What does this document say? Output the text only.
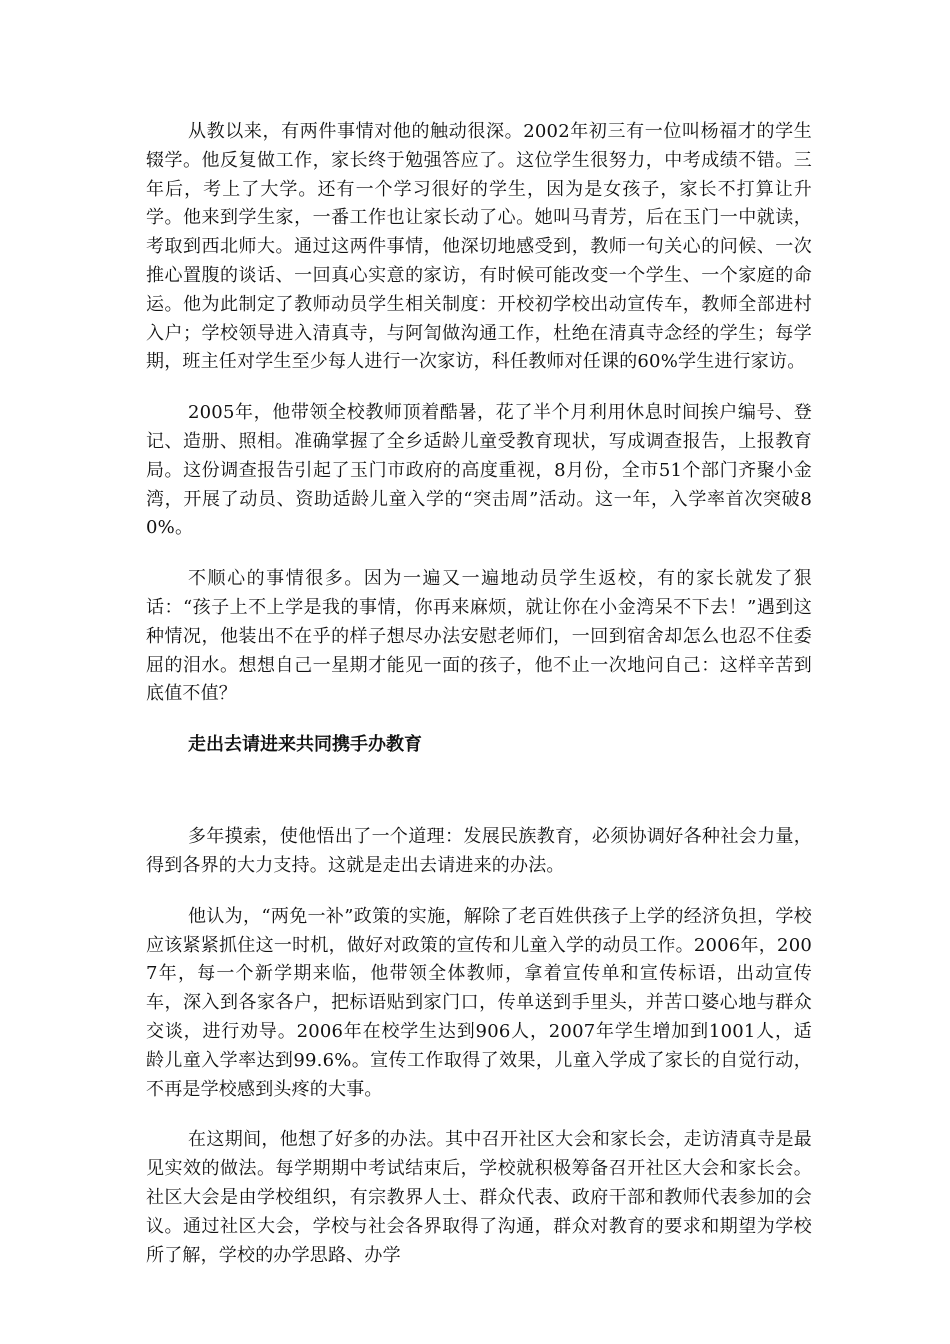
从教以来，有两件事情对他的触动很深。2002年初三有一位叫杨福才的学生辍学。他反复做工作，家长终于勉强答应了。这位学生很努力，中考成绩不错。三年后，考上了大学。还有一个学习很好的学生，因为是女孩子，家长不打算让升学。他来到学生家，一番工作也让家长动了心。她叫马青芳，后在玉门一中就读，考取到西北师大。通过这两件事情，他深切地感受到，教师一句关心的问候、一次推心置腹的谈话、一回真心实意的家访，有时候可能改变一个学生、一个家庭的命运。他为此制定了教师动员学生相关制度：开校初学校出动宣传车，教师全部进村入户；学校领导进入清真寺，与阿訇做沟通工作，杜绝在清真寺念经的学生；每学期，班主任对学生至少每人进行一次家访，科任教师对任课的60%学生进行家访。

2005年，他带领全校教师顶着酷暑，花了半个月利用休息时间挨户编号、登记、造册、照相。准确掌握了全乡适龄儿童受教育现状，写成调查报告，上报教育局。这份调查报告引起了玉门市政府的高度重视，8月份，全市51个部门齐聚小金湾，开展了动员、资助适龄儿童入学的“突击周”活动。这一年，入学率首次突破80%。

不顺心的事情很多。因为一遍又一遍地动员学生返校，有的家长就发了狠话：“孩子上不上学是我的事情，你再来麻烦，就让你在小金湾呆不下去！”遇到这种情况，他装出不在乎的样子想尽办法安慰老师们，一回到宿舍却怎么也忍不住委屈的泪水。想想自己一星期才能见一面的孩子，他不止一次地问自己：这样辛苦到底值不值？

走出去请进来共同携手办教育

多年摸索，使他悟出了一个道理：发展民族教育，必须协调好各种社会力量，得到各界的大力支持。这就是走出去请进来的办法。

他认为，“两免一补”政策的实施，解除了老百姓供孩子上学的经济负担，学校应该紧紧抓住这一时机，做好对政策的宣传和儿童入学的动员工作。2006年，2007年，每一个新学期来临，他带领全体教师，拿着宣传单和宣传标语，出动宣传车，深入到各家各户，把标语贴到家门口，传单送到手里头，并苦口婆心地与群众交谈，进行劝导。2006年在校学生达到906人，2007年学生增加到1001人，适龄儿童入学率达到99.6%。宣传工作取得了效果，儿童入学成了家长的自觉行动，不再是学校感到头疼的大事。

在这期间，他想了好多的办法。其中召开社区大会和家长会，走访清真寺是最见实效的做法。每学期期中考试结束后，学校就积极筹备召开社区大会和家长会。社区大会是由学校组织，有宗教界人士、群众代表、政府干部和教师代表参加的会议。通过社区大会，学校与社会各界取得了沟通，群众对教育的要求和期望为学校所了解，学校的办学思路、办学
